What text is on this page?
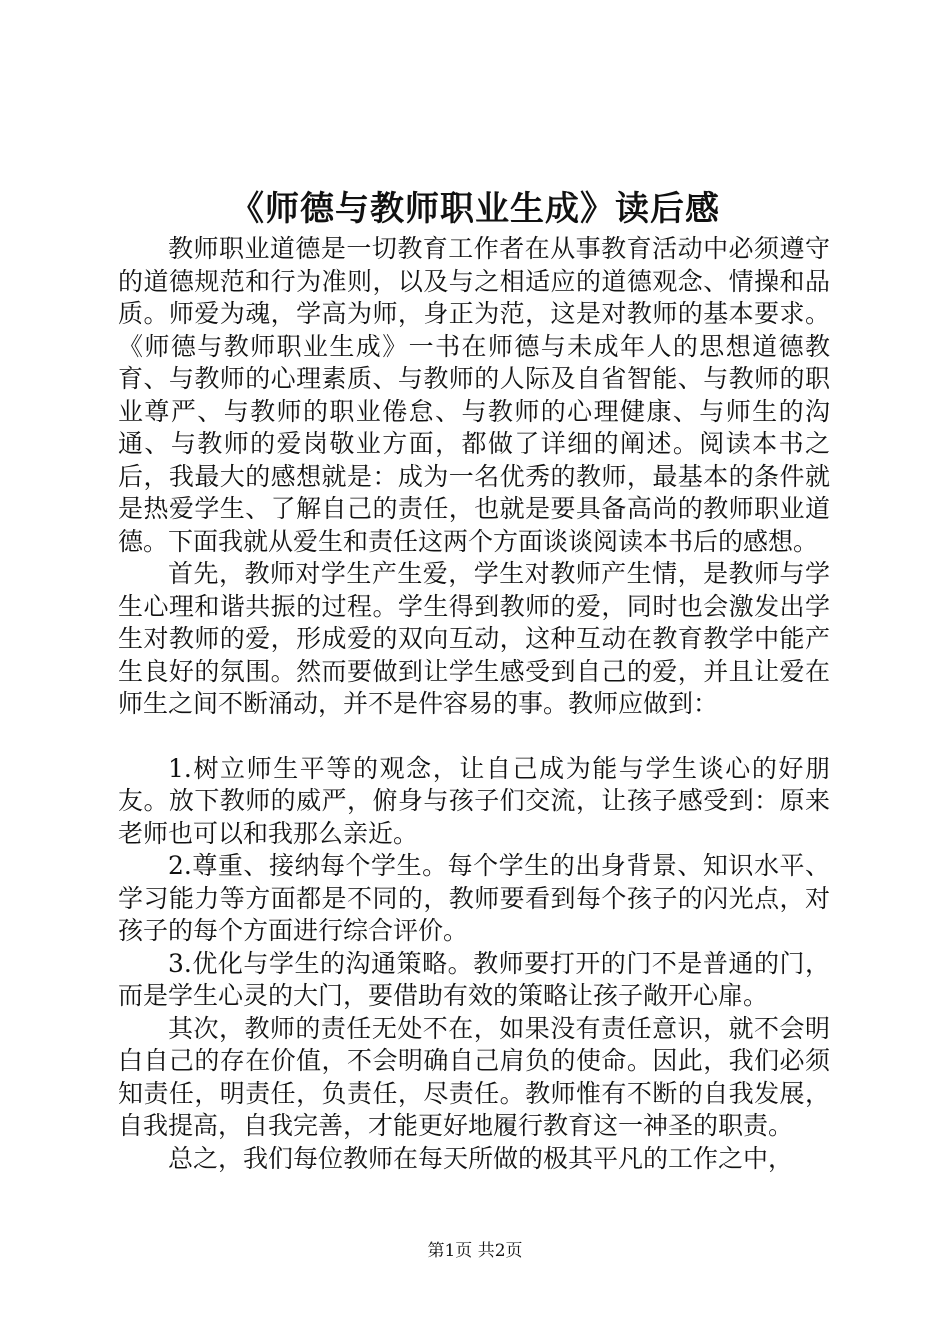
《师德与教师职业生成》读后感

教师职业道德是一切教育工作者在从事教育活动中必须遵守的道德规范和行为准则，以及与之相适应的道德观念、情操和品质。师爱为魂，学高为师，身正为范，这是对教师的基本要求。《师德与教师职业生成》一书在师德与未成年人的思想道德教育、与教师的心理素质、与教师的人际及自省智能、与教师的职业尊严、与教师的职业倦怠、与教师的心理健康、与师生的沟通、与教师的爱岗敬业方面，都做了详细的阐述。阅读本书之后，我最大的感想就是：成为一名优秀的教师，最基本的条件就是热爱学生、了解自己的责任，也就是要具备高尚的教师职业道德。下面我就从爱生和责任这两个方面谈谈阅读本书后的感想。

首先，教师对学生产生爱，学生对教师产生情，是教师与学生心理和谐共振的过程。学生得到教师的爱，同时也会激发出学生对教师的爱，形成爱的双向互动，这种互动在教育教学中能产生良好的氛围。然而要做到让学生感受到自己的爱，并且让爱在师生之间不断涌动，并不是件容易的事。教师应做到：

1.树立师生平等的观念，让自己成为能与学生谈心的好朋友。放下教师的威严，俯身与孩子们交流，让孩子感受到：原来老师也可以和我那么亲近。

2.尊重、接纳每个学生。每个学生的出身背景、知识水平、学习能力等方面都是不同的，教师要看到每个孩子的闪光点，对孩子的每个方面进行综合评价。

3.优化与学生的沟通策略。教师要打开的门不是普通的门，而是学生心灵的大门，要借助有效的策略让孩子敞开心扉。

其次，教师的责任无处不在，如果没有责任意识，就不会明白自己的存在价值，不会明确自己肩负的使命。因此，我们必须知责任，明责任，负责任，尽责任。教师惟有不断的自我发展，自我提高，自我完善，才能更好地履行教育这一神圣的职责。

总之，我们每位教师在每天所做的极其平凡的工作之中，

第1页 共2页
